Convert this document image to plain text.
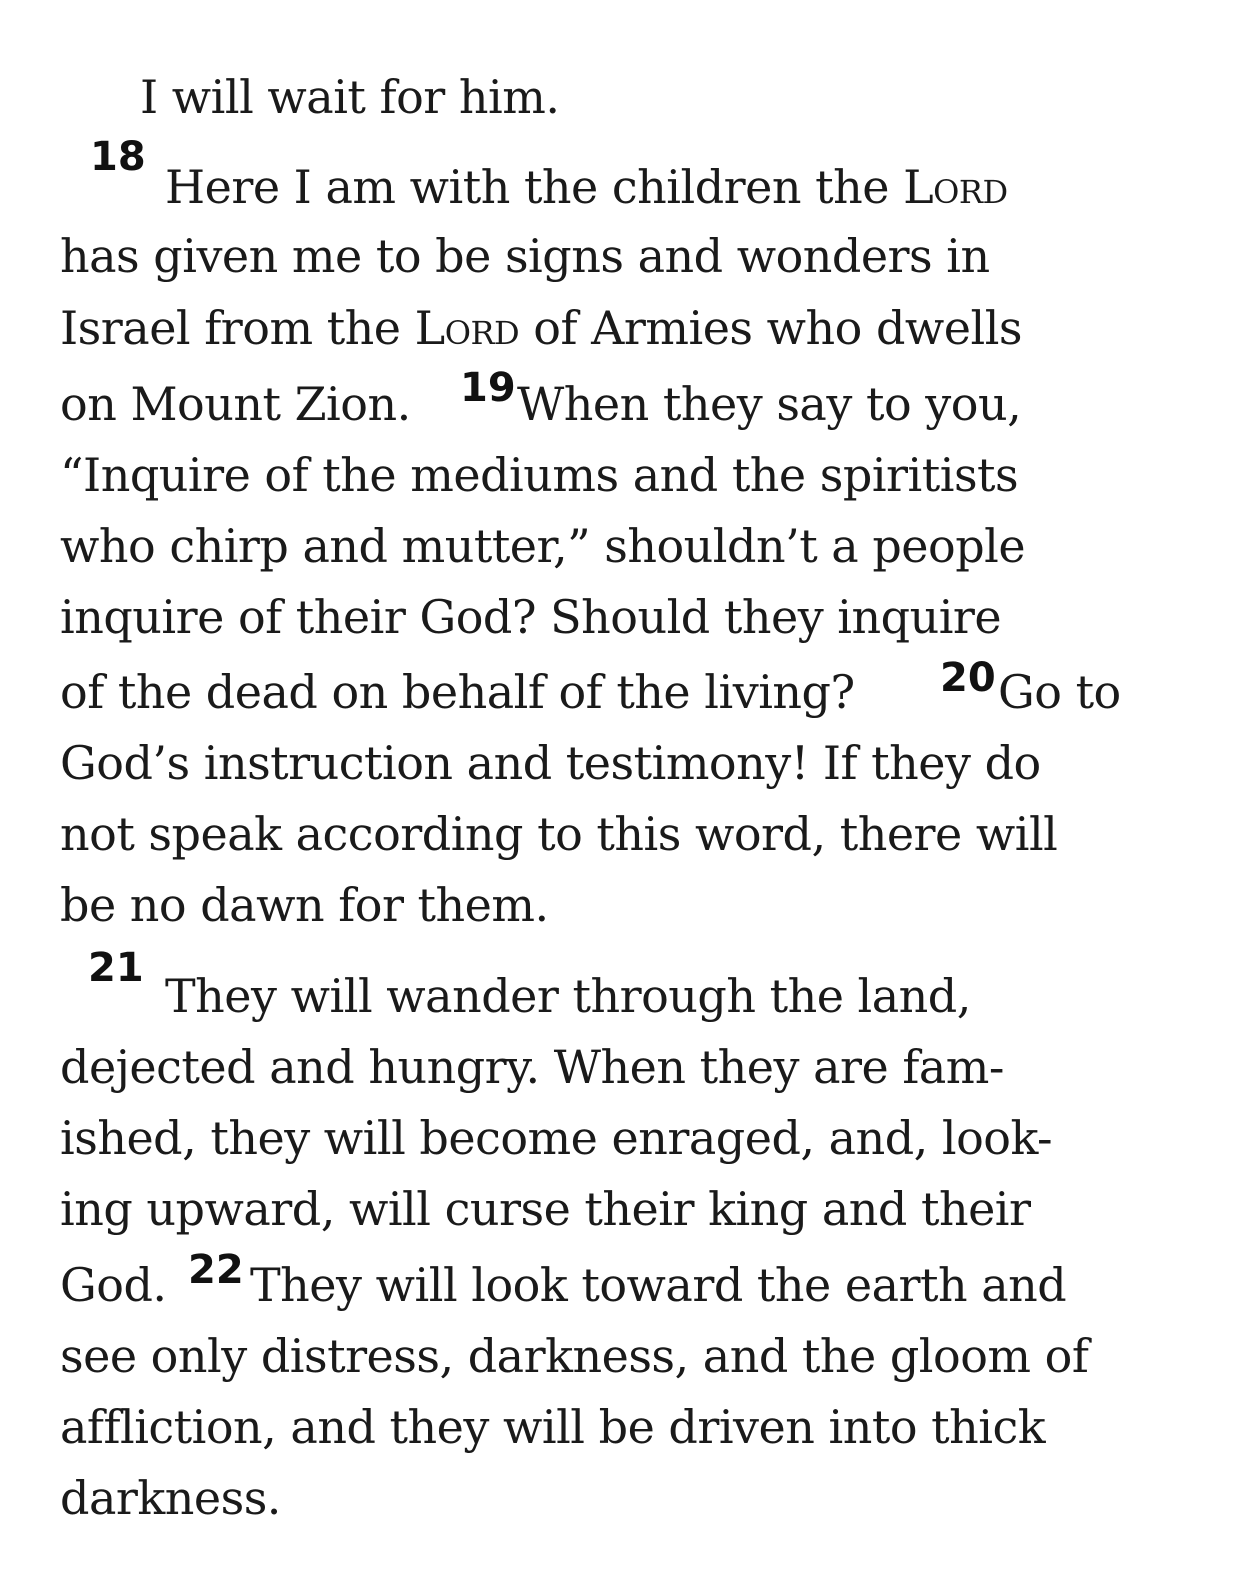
I will wait for him.
18
Here I am with the children the Lord
has given me to be signs and wonders in
Israel from the Lord of Armies who dwells
on Mount Zion. 19 When they say to you,
“Inquire of the mediums and the spiritists
who chirp and mutter,” shouldn’t a people
inquire of their God? Should they inquire
of the dead on behalf of the living? 20 Go to
God’s instruction and testimony! If they do
not speak according to this word, there will
be no dawn for them.
21
They will wander through the land,
dejected and hungry. When they are fam-
ished, they will become enraged, and, look-
ing upward, will curse their king and their
God. 22 They will look toward the earth and
see only distress, darkness, and the gloom of
affliction, and they will be driven into thick
darkness.
